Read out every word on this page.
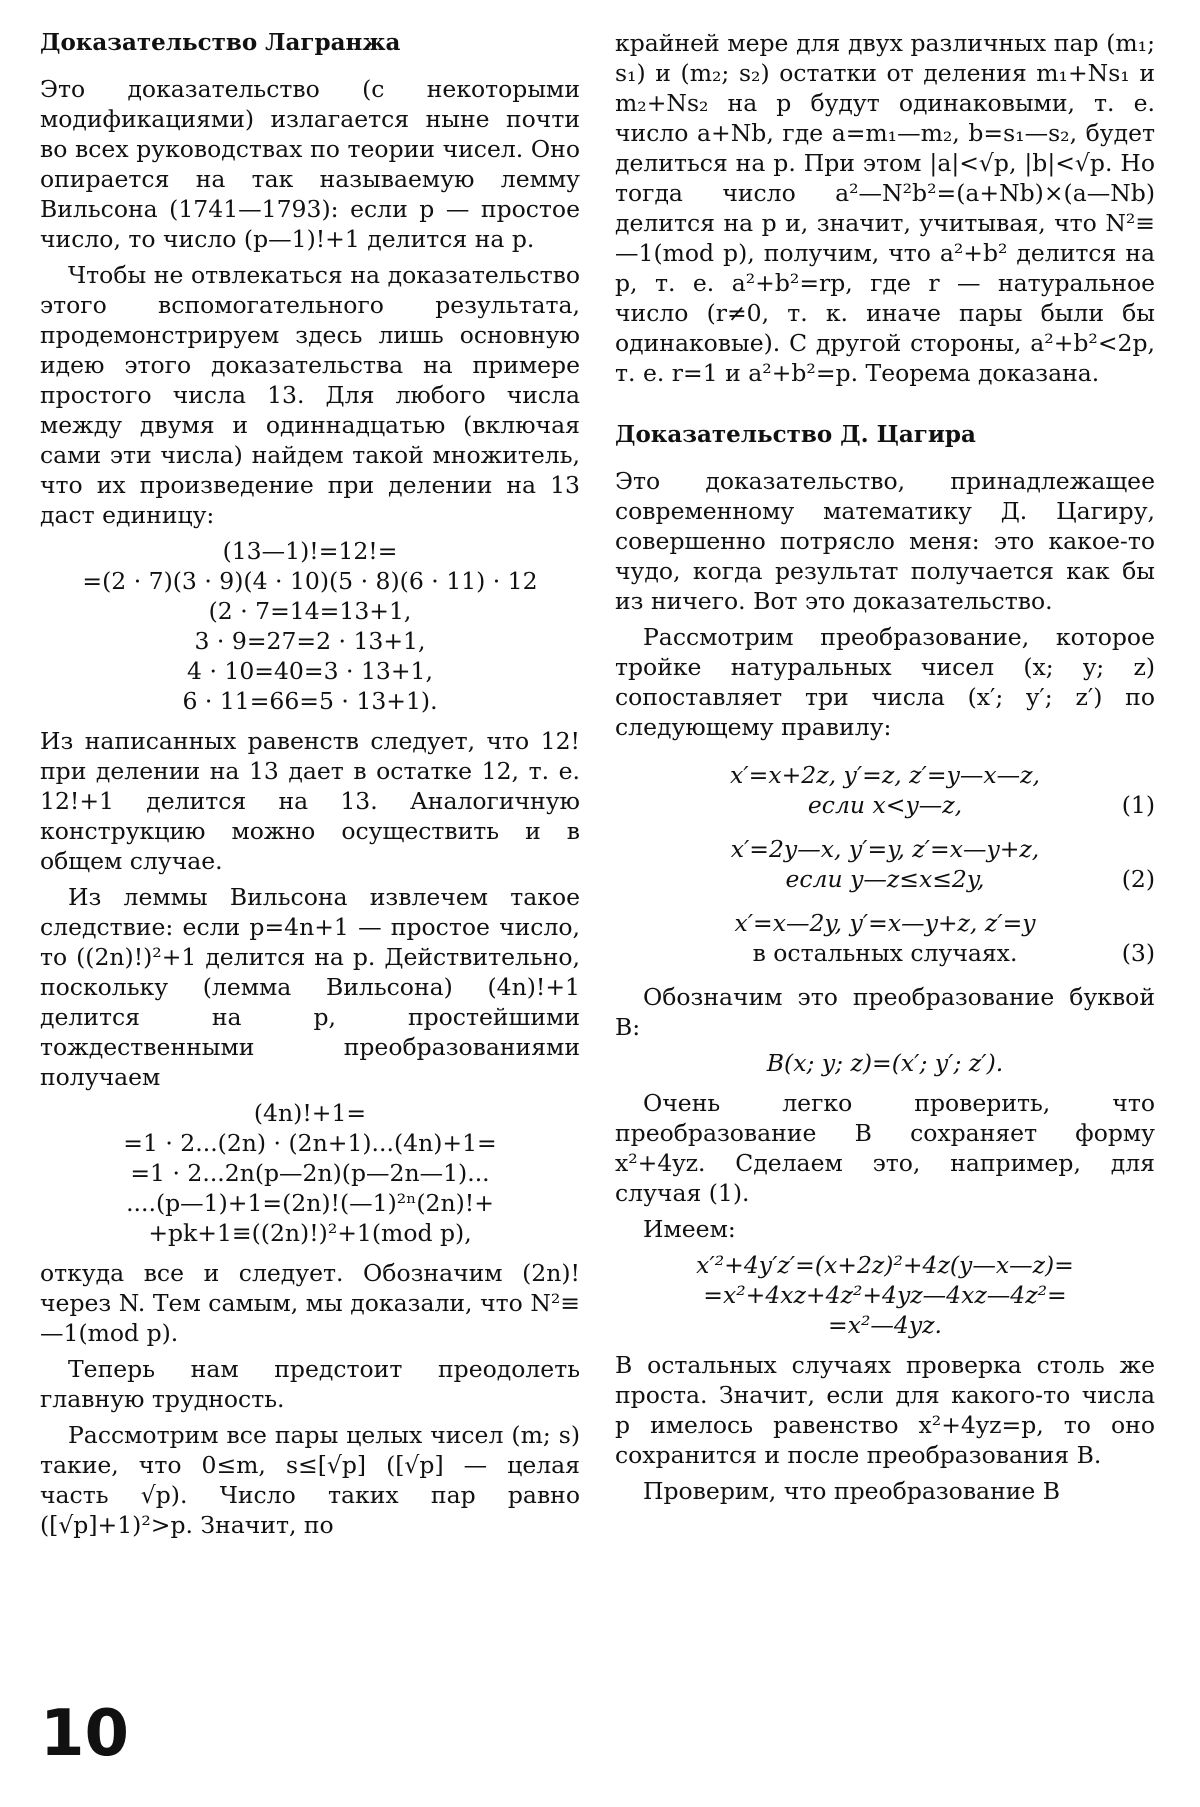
Доказательство Лагранжа

Это доказательство (с некоторыми модификациями) излагается ныне почти во всех руководствах по теории чисел. Оно опирается на так называемую лемму Вильсона (1741—1793): если p — простое число, то число (p—1)!+1 делится на p.

Чтобы не отвлекаться на доказательство этого вспомогательного результата, продемонстрируем здесь лишь основную идею этого доказательства на примере простого числа 13. Для любого числа между двумя и одиннадцатью (включая сами эти числа) найдем такой множитель, что их произведение при делении на 13 даст единицу:

(13—1)!=12!=
=(2 · 7)(3 · 9)(4 · 10)(5 · 8)(6 · 11) · 12
(2 · 7=14=13+1,
3 · 9=27=2 · 13+1,
4 · 10=40=3 · 13+1,
6 · 11=66=5 · 13+1).

Из написанных равенств следует, что 12! при делении на 13 дает в остатке 12, т. е. 12!+1 делится на 13. Аналогичную конструкцию можно осуществить и в общем случае.

Из леммы Вильсона извлечем такое следствие: если p=4n+1 — простое число, то ((2n)!)²+1 делится на p. Действительно, поскольку (лемма Вильсона) (4n)!+1 делится на p, простейшими тождественными преобразованиями получаем

(4n)!+1=
=1 · 2...(2n) · (2n+1)...(4n)+1=
=1 · 2...2n(p—2n)(p—2n—1)...
....(p—1)+1=(2n)!(—1)²ⁿ(2n)!+
+pk+1≡((2n)!)²+1(mod p),

откуда все и следует. Обозначим (2n)! через N. Тем самым, мы доказали, что N²≡—1(mod p).

Теперь нам предстоит преодолеть главную трудность.

Рассмотрим все пары целых чисел (m; s) такие, что 0≤m, s≤[√p] ([√p] — целая часть √p). Число таких пар равно ([√p]+1)²>p. Значит, по

крайней мере для двух различных пар (m₁; s₁) и (m₂; s₂) остатки от деления m₁+Ns₁ и m₂+Ns₂ на p будут одинаковыми, т. е. число a+Nb, где a=m₁—m₂, b=s₁—s₂, будет делиться на p. При этом |a|<√p, |b|<√p. Но тогда число a²—N²b²=(a+Nb)×(a—Nb) делится на p и, значит, учитывая, что N²≡—1(mod p), получим, что a²+b² делится на p, т. е. a²+b²=rp, где r — натуральное число (r≠0, т. к. иначе пары были бы одинаковые). С другой стороны, a²+b²<2p, т. е. r=1 и a²+b²=p. Теорема доказана.

Доказательство Д. Цагира

Это доказательство, принадлежащее современному математику Д. Цагиру, совершенно потрясло меня: это какое-то чудо, когда результат получается как бы из ничего. Вот это доказательство.

Рассмотрим преобразование, которое тройке натуральных чисел (x; y; z) сопоставляет три числа (x′; y′; z′) по следующему правилу:

x′=x+2z, y′=z, z′=y—x—z,
если x<y—z,	(1)
x′=2y—x, y′=y, z′=x—y+z,
если y—z≤x≤2y,	(2)
x′=x—2y, y′=x—y+z, z′=y
в остальных случаях.	(3)

Обозначим это преобразование буквой B:

B(x; y; z)=(x′; y′; z′).

Очень легко проверить, что преобразование B сохраняет форму x²+4yz. Сделаем это, например, для случая (1).

Имеем:

x′²+4y′z′=(x+2z)²+4z(y—x—z)=
=x²+4xz+4z²+4yz—4xz—4z²=
=x²—4yz.

В остальных случаях проверка столь же проста. Значит, если для какого-то числа p имелось равенство x²+4yz=p, то оно сохранится и после преобразования B.

Проверим, что преобразование B

10
